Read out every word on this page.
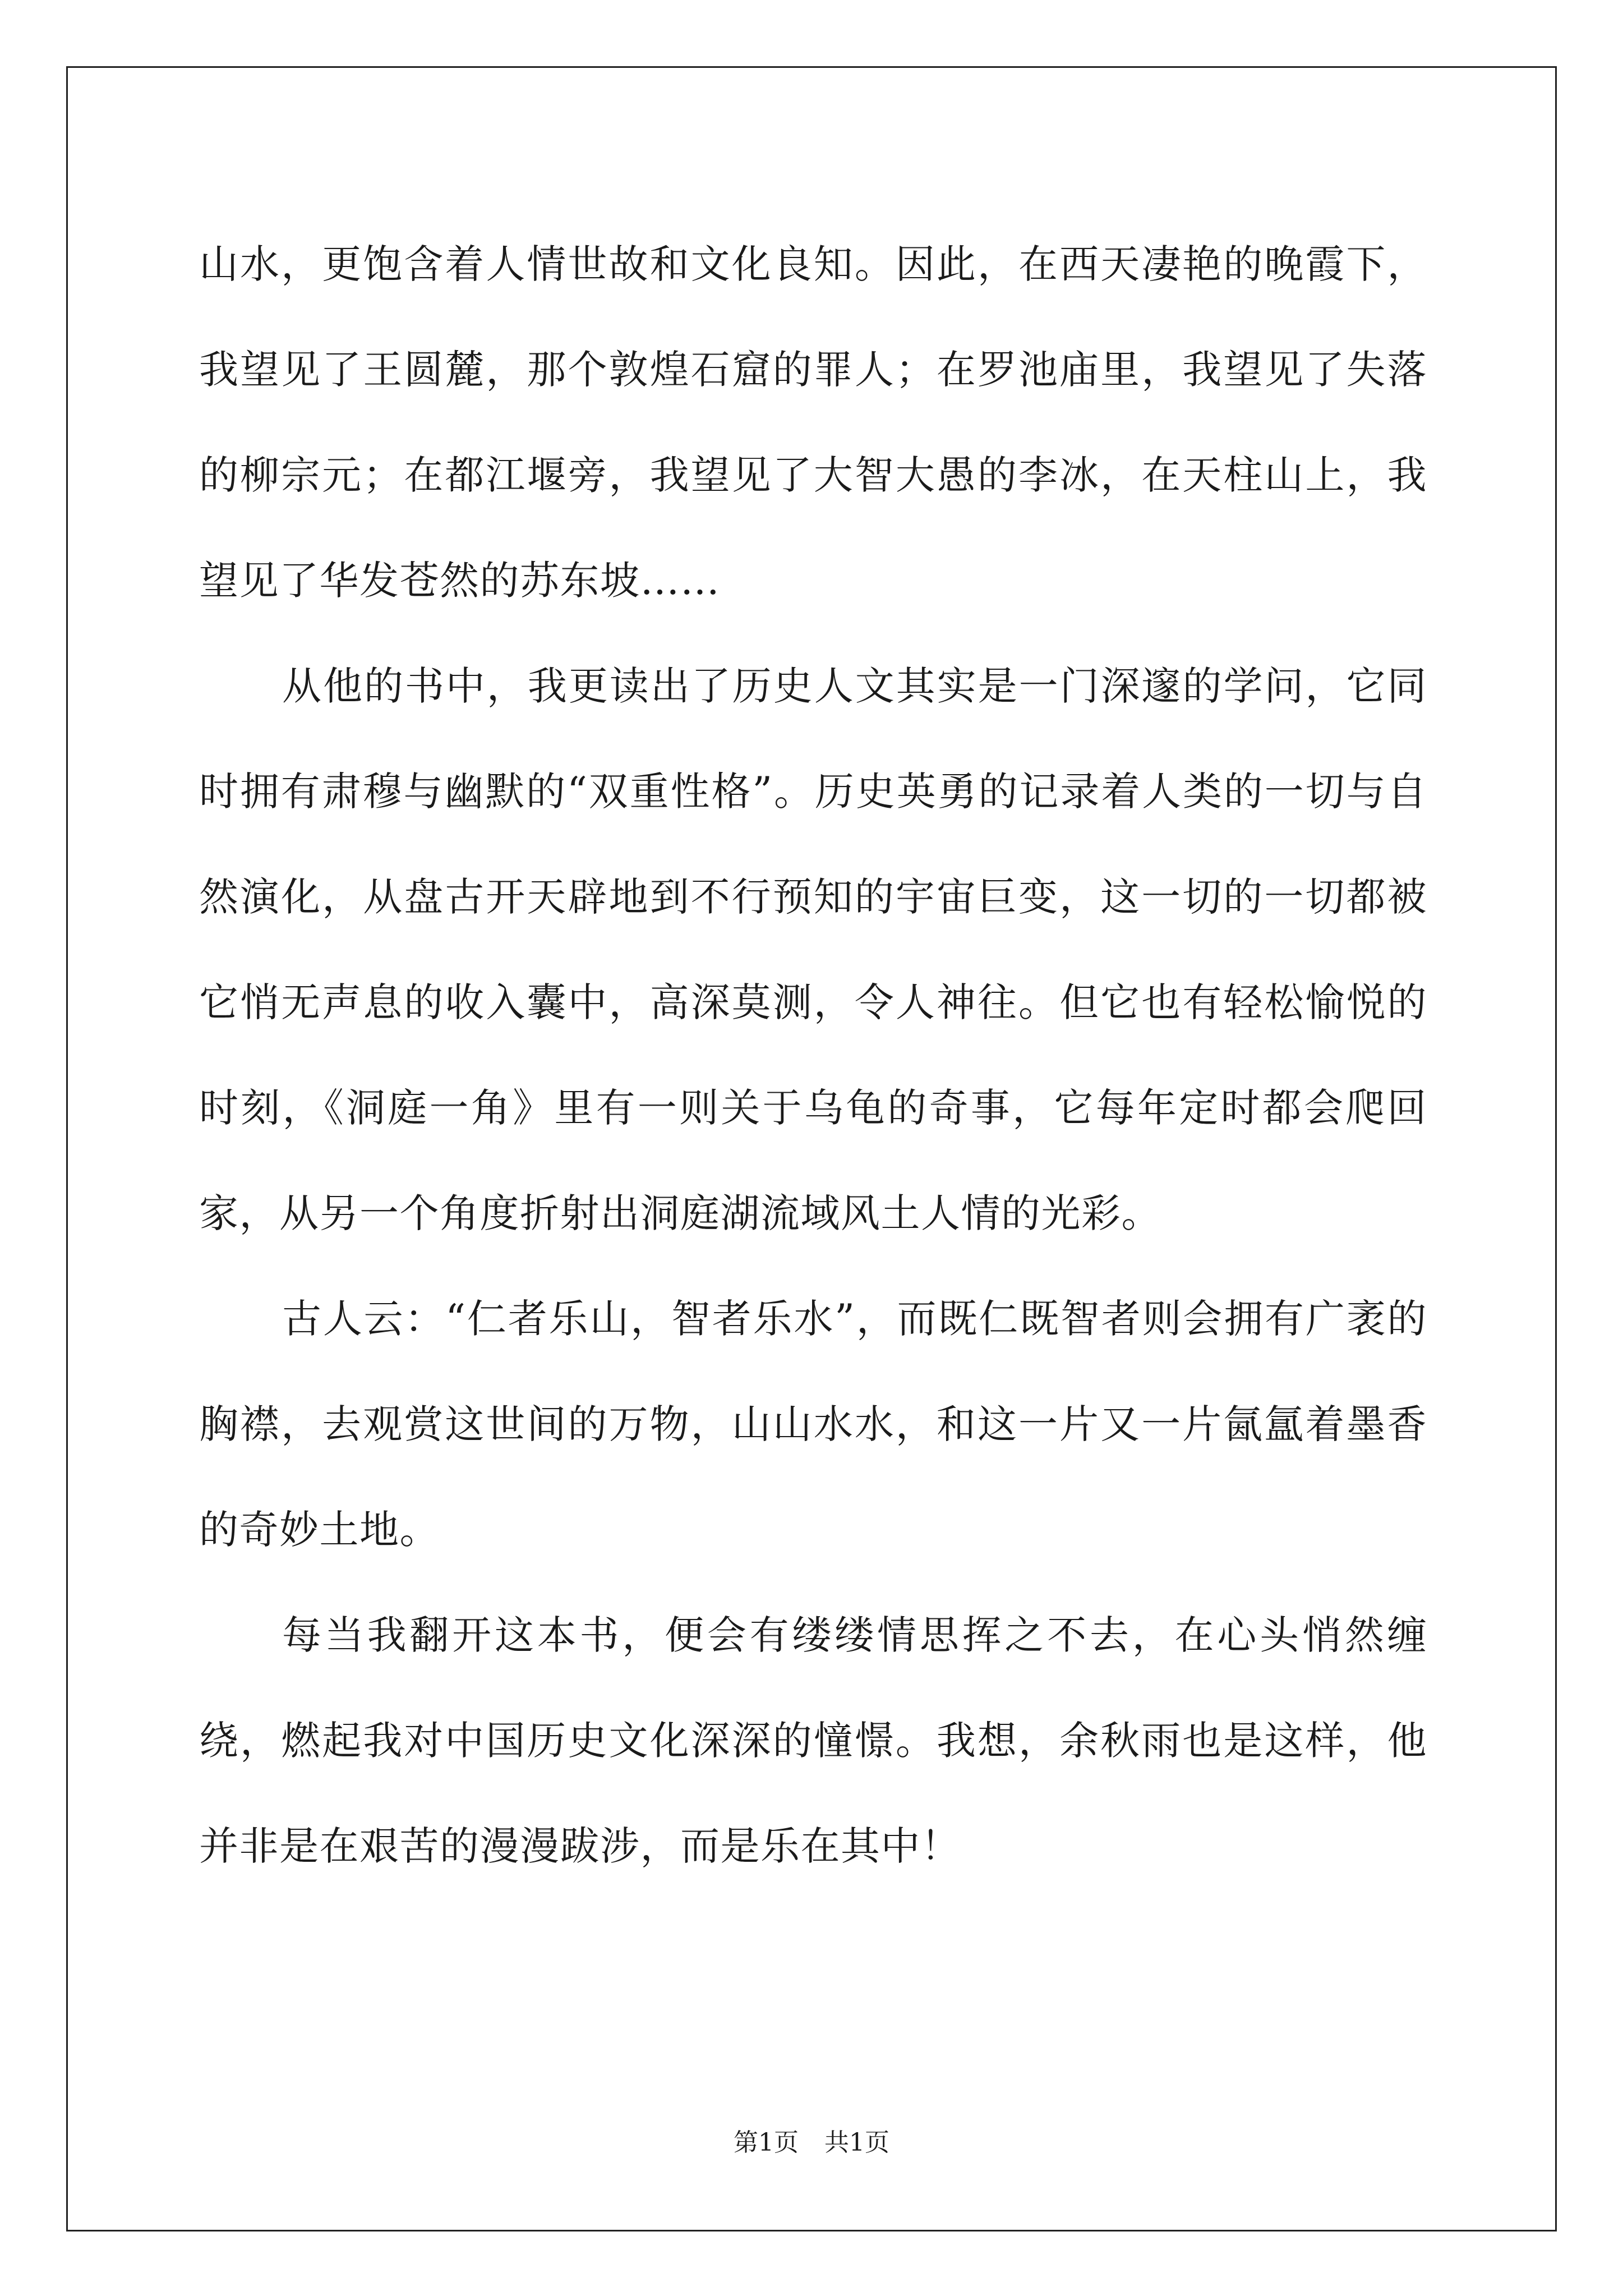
山水，更饱含着人情世故和文化良知。因此，在西天凄艳的晚霞下，我望见了王圆麓，那个敦煌石窟的罪人；在罗池庙里，我望见了失落的柳宗元；在都江堰旁，我望见了大智大愚的李冰，在天柱山上，我望见了华发苍然的苏东坡……

从他的书中，我更读出了历史人文其实是一门深邃的学问，它同时拥有肃穆与幽默的“双重性格”。历史英勇的记录着人类的一切与自然演化，从盘古开天辟地到不行预知的宇宙巨变，这一切的一切都被它悄无声息的收入囊中，高深莫测，令人神往。但它也有轻松愉悦的时刻，《洞庭一角》里有一则关于乌龟的奇事，它每年定时都会爬回家，从另一个角度折射出洞庭湖流域风土人情的光彩。

古人云：“仁者乐山，智者乐水”，而既仁既智者则会拥有广袤的胸襟，去观赏这世间的万物，山山水水，和这一片又一片氤氲着墨香的奇妙土地。

每当我翻开这本书，便会有缕缕情思挥之不去，在心头悄然缠绕，燃起我对中国历史文化深深的憧憬。我想，余秋雨也是这样，他并非是在艰苦的漫漫跋涉，而是乐在其中！

第1页 共1页
